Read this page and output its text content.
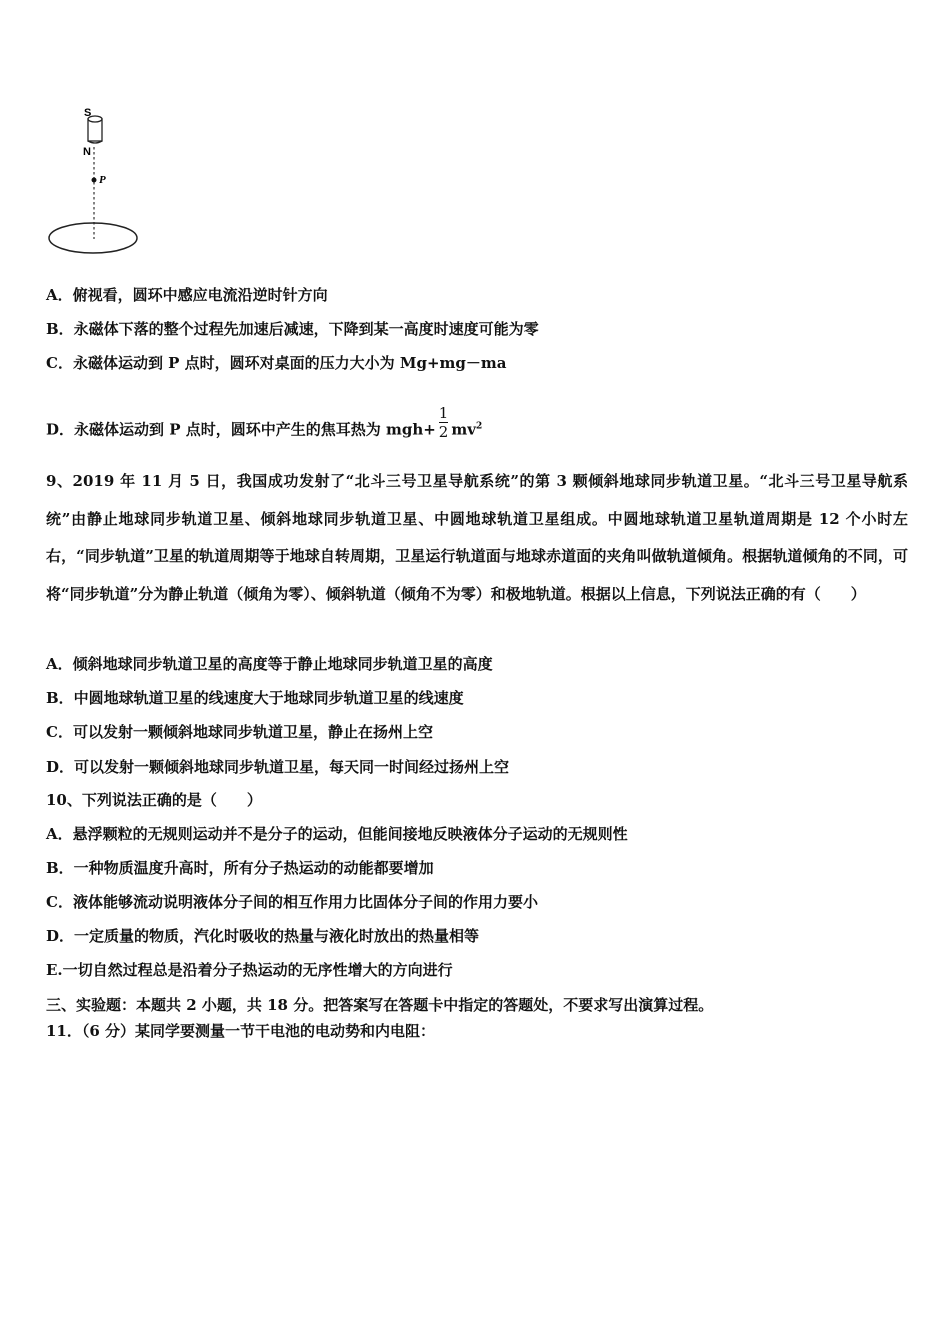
S
N
P
A．俯视看，圆环中感应电流沿逆时针方向
B．永磁体下落的整个过程先加速后减速，下降到某一高度时速度可能为零
C．永磁体运动到 P 点时，圆环对桌面的压力大小为 Mg+mg－ma
D．永磁体运动到 P 点时，圆环中产生的焦耳热为 $mgh+ \frac{1}{2} mv^2$
9、2019 年 11 月 5 日，我国成功发射了“北斗三号卫星导航系统”的第 3 颗倾斜地球同步轨道卫星。“北斗三号卫星导航系统”由静止地球同步轨道卫星、倾斜地球同步轨道卫星、中圆地球轨道卫星组成。中圆地球轨道卫星轨道周期是 12 个小时左右，“同步轨道”卫星的轨道周期等于地球自转周期，卫星运行轨道面与地球赤道面的夹角叫做轨道倾角。根据轨道倾角的不同，可将“同步轨道”分为静止轨道（倾角为零）、倾斜轨道（倾角不为零）和极地轨道。根据以上信息，下列说法正确的有（　　）
A．倾斜地球同步轨道卫星的高度等于静止地球同步轨道卫星的高度
B．中圆地球轨道卫星的线速度大于地球同步轨道卫星的线速度
C．可以发射一颗倾斜地球同步轨道卫星，静止在扬州上空
D．可以发射一颗倾斜地球同步轨道卫星，每天同一时间经过扬州上空
10、下列说法正确的是（　　）
A．悬浮颗粒的无规则运动并不是分子的运动，但能间接地反映液体分子运动的无规则性
B．一种物质温度升高时，所有分子热运动的动能都要增加
C．液体能够流动说明液体分子间的相互作用力比固体分子间的作用力要小
D．一定质量的物质，汽化时吸收的热量与液化时放出的热量相等
E.一切自然过程总是沿着分子热运动的无序性增大的方向进行
三、实验题：本题共 2 小题，共 18 分。把答案写在答题卡中指定的答题处，不要求写出演算过程。
11．（6 分）某同学要测量一节干电池的电动势和内电阻：
